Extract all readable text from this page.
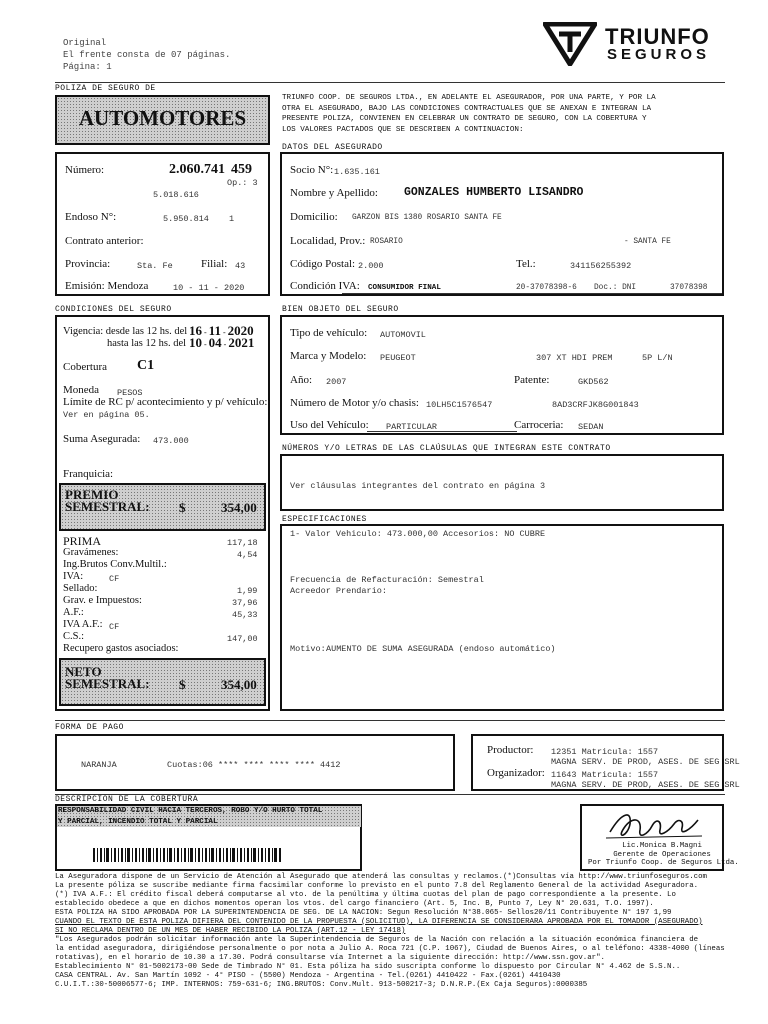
Original
El frente consta de 07 páginas.
Página: 1
TRIUNFO
SEGUROS
POLIZA DE SEGURO DE
AUTOMOTORES
TRIUNFO COOP. DE SEGUROS LTDA., EN ADELANTE EL ASEGURADOR, POR UNA PARTE, Y POR LA
OTRA EL ASEGURADO, BAJO LAS CONDICIONES CONTRACTUALES QUE SE ANEXAN E INTEGRAN LA
PRESENTE POLIZA, CONVIENEN EN CELEBRAR UN CONTRATO DE SEGURO, CON LA COBERTURA Y
LOS VALORES PACTADOS QUE SE DESCRIBEN A CONTINUACION:
Número:	2.060.741 459
Op.: 3
5.018.616
Endoso N°:	5.950.814 1
Contrato anterior:
Provincia:	Sta. Fe	Filial: 43
Emisión: Mendoza	10 - 11 - 2020
DATOS DEL ASEGURADO
Socio N°: 1.635.161
Nombre y Apellido: GONZALES HUMBERTO LISANDRO
Domicilio: GARZON BIS 1380 ROSARIO SANTA FE
Localidad, Prov.: ROSARIO	- SANTA FE
Código Postal: 2.000	Tel.:	341156255392
Condición IVA: CONSUMIDOR FINAL	20-37078398-6 Doc.: DNI	37078398
CONDICIONES DEL SEGURO
Vigencia: desde las 12 hs. del 16 - 11 - 2020
hasta las 12 hs. del 10 - 04 - 2021
Cobertura C1
Moneda PESOS
Límite de RC p/ acontecimiento y p/ vehículo:
Ver en página 05.
Suma Asegurada: 473.000
Franquicia:
PREMIO
SEMESTRAL: $	354,00
PRIMA	117,18
Gravámenes:	4,54
Ing.Brutos Conv.Multil.:
IVA:	CF
Sellado:	1,99
Grav. e Impuestos:	37,96
A.F.:	45,33
IVA A.F.: CF
C.S.:	147,00
Recupero gastos asociados:
NETO
SEMESTRAL: $	354,00
BIEN OBJETO DEL SEGURO
Tipo de vehículo: AUTOMOVIL
Marca y Modelo: PEUGEOT	307 XT HDI PREM	5P L/N
Año: 2007	Patente:	GKD562
Número de Motor y/o chasis: 10LH5C1576547	8AD3CRFJK8G001843
Uso del Vehículo: PARTICULAR	Carroceria: SEDAN
NÚMEROS Y/O LETRAS DE LAS CLAÚSULAS QUE INTEGRAN ESTE CONTRATO
Ver cláusulas integrantes del contrato en página 3
ESPECIFICACIONES
1- Valor Vehiculo: 473.000,00 Accesorios: NO CUBRE
Frecuencia de Refacturación: Semestral
Acreedor Prendario:
Motivo: AUMENTO DE SUMA ASEGURADA (endoso automático)
FORMA DE PAGO
NARANJA	Cuotas:06 **** **** **** **** 4412
Productor: 12351 Matricula: 1557
MAGNA SERV. DE PROD, ASES. DE SEG SRL
Organizador: 11643 Matricula: 1557
MAGNA SERV. DE PROD, ASES. DE SEG SRL
DESCRIPCION DE LA COBERTURA
RESPONSABILIDAD CIVIL HACIA TERCEROS, ROBO Y/O HURTO TOTAL
Y PARCIAL, INCENDIO TOTAL Y PARCIAL
Lic.Monica B.Magni
Gerente de Operaciones
Por Triunfo Coop. de Seguros Ltda.
La Aseguradora dispone de un Servicio de Atención al Asegurado que atenderá las consultas y reclamos.(*)Consultas vía http://www.triunfoseguros.com
La presente póliza se suscribe mediante firma facsimilar conforme lo previsto en el punto 7.8 del Reglamento General de la actividad Aseguradora.
(*) IVA A.F.: El crédito fiscal deberá computarse al vto. de la penúltima y última cuotas del plan de pago correspondiente a la presente. Lo
establecido obedece a que en dichos momentos operan los vtos. del cargo financiero (Art. 5, Inc. B, Punto 7, Ley N° 20.631, T.O. 1997).
ESTA POLIZA HA SIDO APROBADA POR LA SUPERINTENDENCIA DE SEG. DE LA NACION: Segun Resolución N°38.065- Sellos20/11 Contribuyente N° 197 1,99
CUANDO EL TEXTO DE ESTA POLIZA DIFIERA DEL CONTENIDO DE LA PROPUESTA (SOLICITUD), LA DIFERENCIA SE CONSIDERARA APROBADA POR EL TOMADOR (ASEGURADO)
SI NO RECLAMA DENTRO DE UN MES DE HABER RECIBIDO LA POLIZA (ART.12 - LEY 17418)
"Los Asegurados podrán solicitar información ante la Superintendencia de Seguros de la Nación con relación a la situación económica financiera de
la entidad aseguradora, dirigiéndose personalmente o por nota a Julio A. Roca 721 (C.P. 1067), Ciudad de Buenos Aires, o al teléfono: 4338-4000 (líneas
rotativas), en el horario de 10.30 a 17.30. Podrá consultarse vía Internet a la siguiente dirección: http://www.ssn.gov.ar".
Establecimiento N° 01-5002173-00 Sede de Timbrado N° 01. Esta póliza ha sido suscripta conforme lo dispuesto por Circular N° 4.462 de S.S.N..
CASA CENTRAL. Av. San Martín 1092 - 4° PISO - (5500) Mendoza - Argentina - Tel.(0261) 4410422 - Fax.(0261) 4410430
C.U.I.T.:30-50006577-6; IMP. INTERNOS: 759-631-6; ING.BRUTOS: Conv.Mult. 913-500217-3; D.N.R.P.(Ex Caja Seguros):0000385
